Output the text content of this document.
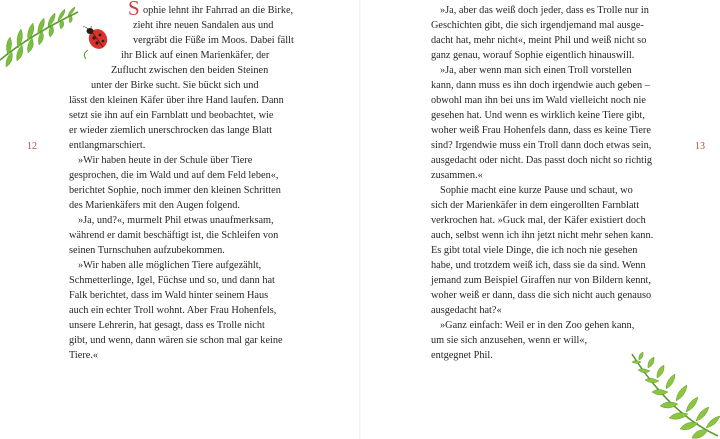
S ophie lehnt ihr Fahrrad an die Birke,
zieht ihre neuen Sandalen aus und
vergräbt die Füße im Moos. Dabei fällt
ihr Blick auf einen Marienkäfer, der
Zuflucht zwischen den beiden Steinen
unter der Birke sucht. Sie bückt sich und
lässt den kleinen Käfer über ihre Hand laufen. Dann
setzt sie ihn auf ein Farnblatt und beobachtet, wie
er wieder ziemlich unerschrocken das lange Blatt
entlangmarschiert.
»Wir haben heute in der Schule über Tiere
gesprochen, die im Wald und auf dem Feld leben«,
berichtet Sophie, noch immer den kleinen Schritten
des Marienkäfers mit den Augen folgend.
»Ja, und?«, murmelt Phil etwas unaufmerksam,
während er damit beschäftigt ist, die Schleifen von
seinen Turnschuhen aufzubekommen.
»Wir haben alle möglichen Tiere aufgezählt,
Schmetterlinge, Igel, Füchse und so, und dann hat
Falk berichtet, dass im Wald hinter seinem Haus
auch ein echter Troll wohnt. Aber Frau Hohenfels,
unsere Lehrerin, hat gesagt, dass es Trolle nicht
gibt, und wenn, dann wären sie schon mal gar keine
Tiere.«
12
»Ja, aber das weiß doch jeder, dass es Trolle nur in
Geschichten gibt, die sich irgendjemand mal ausge-
dacht hat, mehr nicht«, meint Phil und weiß nicht so
ganz genau, worauf Sophie eigentlich hinauswill.
»Ja, aber wenn man sich einen Troll vorstellen
kann, dann muss es ihn doch irgendwie auch geben –
obwohl man ihn bei uns im Wald vielleicht noch nie
gesehen hat. Und wenn es wirklich keine Tiere gibt,
woher weiß Frau Hohenfels dann, dass es keine Tiere
sind? Irgendwie muss ein Troll dann doch etwas sein,
ausgedacht oder nicht. Das passt doch nicht so richtig
zusammen.«
Sophie macht eine kurze Pause und schaut, wo
sich der Marienkäfer in dem eingerollten Farnblatt
verkrochen hat. »Guck mal, der Käfer existiert doch
auch, selbst wenn ich ihn jetzt nicht mehr sehen kann.
Es gibt total viele Dinge, die ich noch nie gesehen
habe, und trotzdem weiß ich, dass sie da sind. Wenn
jemand zum Beispiel Giraffen nur von Bildern kennt,
woher weiß er dann, dass die sich nicht auch genauso
ausgedacht hat?«
»Ganz einfach: Weil er in den Zoo gehen kann,
um sie sich anzusehen, wenn er will«,
entgegnet Phil.
13
